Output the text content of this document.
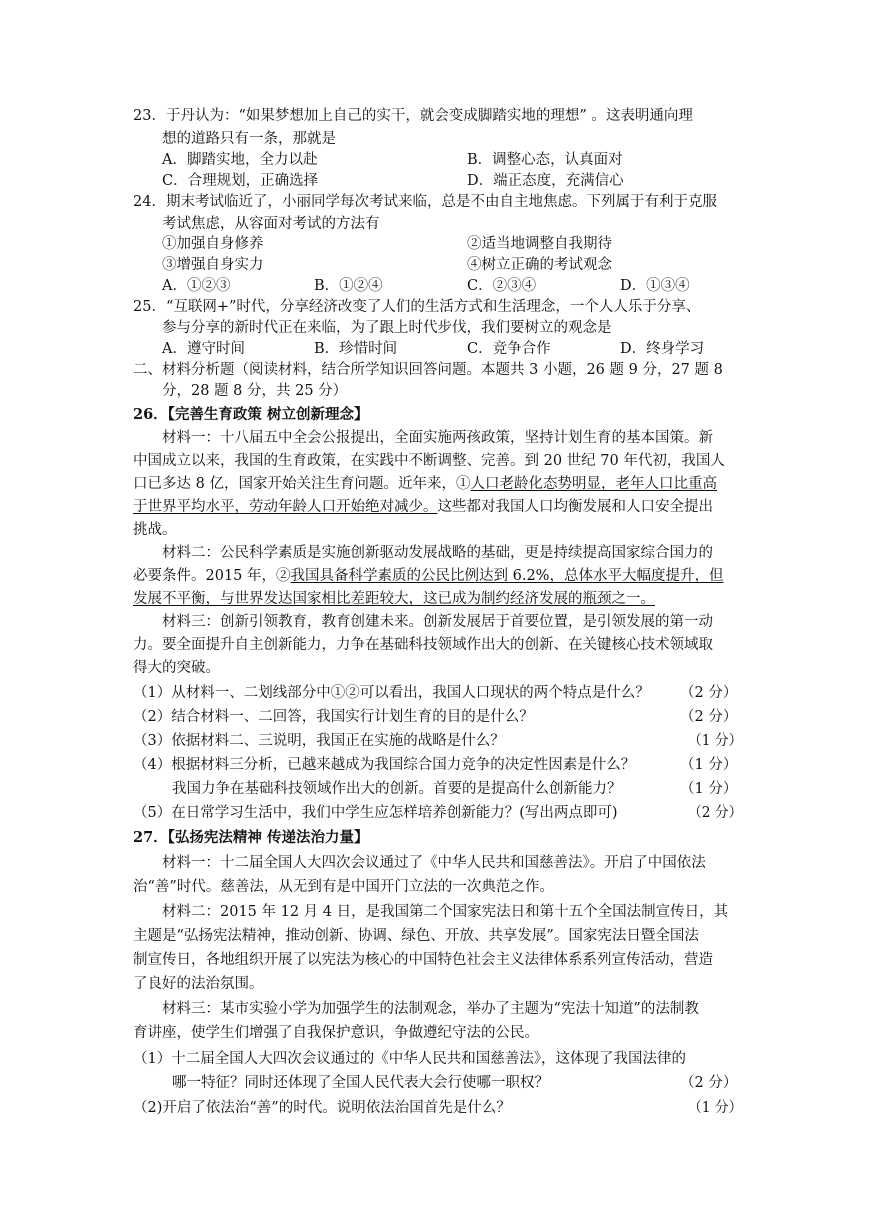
23．于丹认为：“如果梦想加上自己的实干，就会变成脚踏实地的理想” 。这表明通向理
想的道路只有一条，那就是
A．脚踏实地，全力以赴	B．调整心态，认真面对
C．合理规划，正确选择	D．端正态度，充满信心
24．期末考试临近了，小丽同学每次考试来临，总是不由自主地焦虑。下列属于有利于克服
考试焦虑，从容面对考试的方法有
①加强自身修养	②适当地调整自我期待
③增强自身实力	④树立正确的考试观念
A．①②③	B．①②④	C．②③④	D．①③④
25．“互联网+”时代，分享经济改变了人们的生活方式和生活理念，一个人人乐于分享、
参与分享的新时代正在来临，为了跟上时代步伐，我们要树立的观念是
A．遵守时间	B．珍惜时间	C．竞争合作	D．终身学习
二、材料分析题（阅读材料，结合所学知识回答问题。本题共 3 小题，26 题 9 分，27 题 8
分，28 题 8 分，共 25 分）
26．【完善生育政策 树立创新理念】
材料一：十八届五中全会公报提出，全面实施两孩政策，坚持计划生育的基本国策。新
中国成立以来，我国的生育政策，在实践中不断调整、完善。到 20 世纪 70 年代初，我国人
口已多达 8 亿，国家开始关注生育问题。近年来，①人口老龄化态势明显，老年人口比重高
于世界平均水平，劳动年龄人口开始绝对减少。这些都对我国人口均衡发展和人口安全提出
挑战。
材料二：公民科学素质是实施创新驱动发展战略的基础，更是持续提高国家综合国力的
必要条件。2015 年，②我国具备科学素质的公民比例达到 6.2%，总体水平大幅度提升，但
发展不平衡，与世界发达国家相比差距较大，这已成为制约经济发展的瓶颈之一。
材料三：创新引领教育，教育创建未来。创新发展居于首要位置，是引领发展的第一动
力。要全面提升自主创新能力，力争在基础科技领域作出大的创新、在关键核心技术领域取
得大的突破。
（1）从材料一、二划线部分中①②可以看出，我国人口现状的两个特点是什么？ （2 分）
（2）结合材料一、二回答，我国实行计划生育的目的是什么？	（2 分）
（3）依据材料二、三说明，我国正在实施的战略是什么？	（1 分）
（4）根据材料三分析，已越来越成为我国综合国力竞争的决定性因素是什么？	（1 分）
我国力争在基础科技领域作出大的创新。首要的是提高什么创新能力？	（1 分）
（5）在日常学习生活中，我们中学生应怎样培养创新能力？(写出两点即可)	（2 分）
27．【弘扬宪法精神 传递法治力量】
材料一：十二届全国人大四次会议通过了《中华人民共和国慈善法》。开启了中国依法
治“善”时代。慈善法，从无到有是中国开门立法的一次典范之作。
材料二：2015 年 12 月 4 日，是我国第二个国家宪法日和第十五个全国法制宣传日，其
主题是“弘扬宪法精神，推动创新、协调、绿色、开放、共享发展”。国家宪法日暨全国法
制宣传日，各地组织开展了以宪法为核心的中国特色社会主义法律体系系列宣传活动，营造
了良好的法治氛围。
材料三：某市实验小学为加强学生的法制观念，举办了主题为“宪法十知道”的法制教
育讲座，使学生们增强了自我保护意识，争做遵纪守法的公民。
（1）十二届全国人大四次会议通过的《中华人民共和国慈善法》，这体现了我国法律的
哪一特征？同时还体现了全国人民代表大会行使哪一职权？	（2 分）
（2)开启了依法治“善”的时代。说明依法治国首先是什么？	（1 分）
